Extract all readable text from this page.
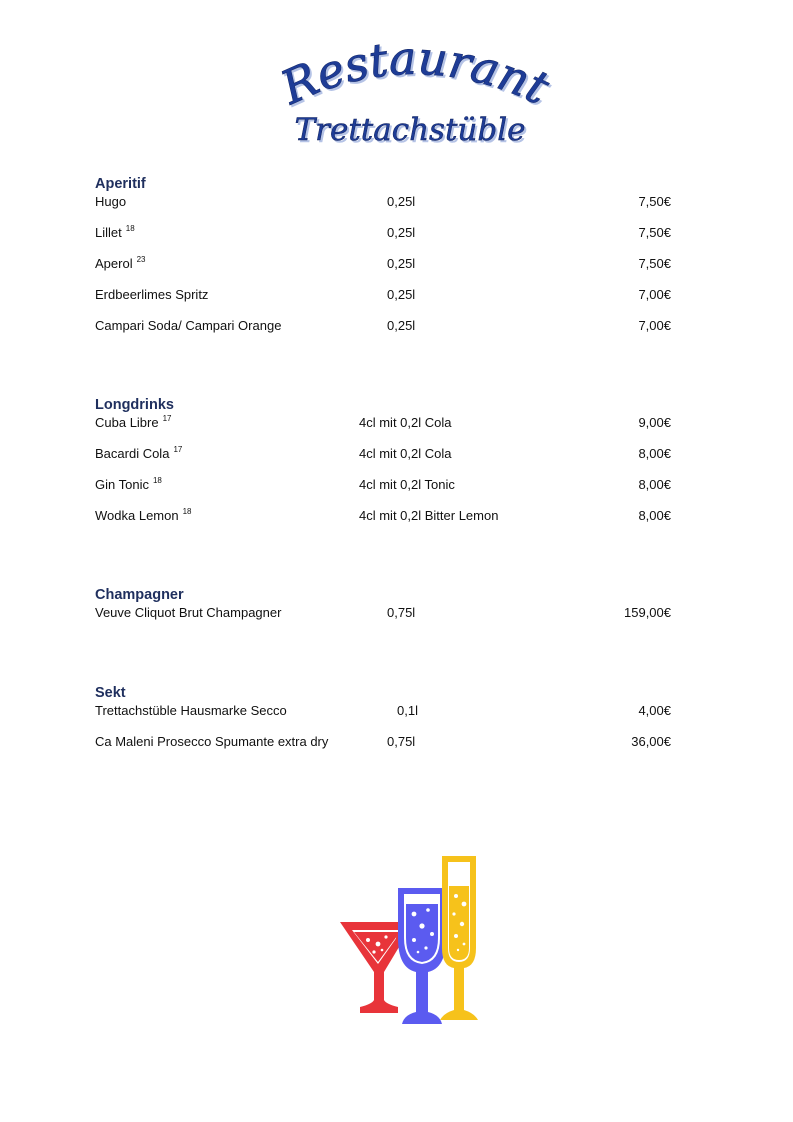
Restaurant
Trettachstüble
Aperitif
Hugo	0,25l	7,50€
Lillet $^{18}$	0,25l	7,50€
Aperol $^{23}$	0,25l	7,50€
Erdbeerlimes Spritz	0,25l	7,00€
Campari Soda/ Campari Orange	0,25l	7,00€
Longdrinks
Cuba Libre $^{17}$	4cl mit 0,2l Cola	9,00€
Bacardi Cola $^{17}$	4cl mit 0,2l Cola	8,00€
Gin Tonic $^{18}$	4cl mit 0,2l Tonic	8,00€
Wodka Lemon $^{18}$	4cl mit 0,2l Bitter Lemon	8,00€
Champagner
Veuve Cliquot Brut Champagner	0,75l	159,00€
Sekt
Trettachstüble Hausmarke Secco	0,1l	4,00€
Ca Maleni Prosecco Spumante extra dry	0,75l	36,00€
